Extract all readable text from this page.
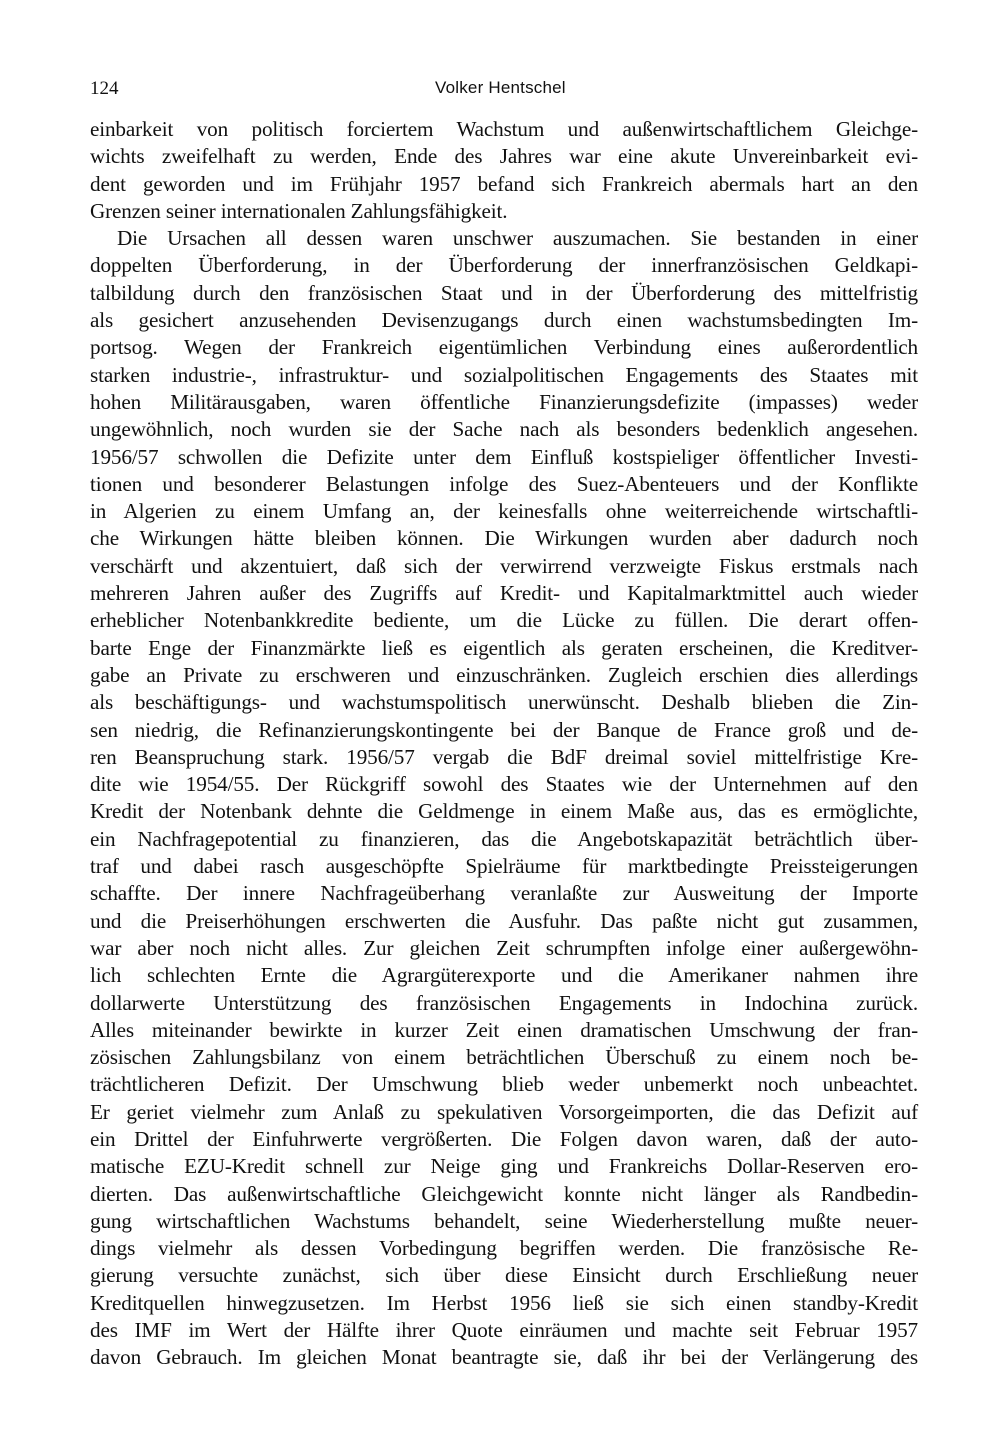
124	Volker Hentschel
einbarkeit von politisch forciertem Wachstum und außenwirtschaftlichem Gleichge-
wichts zweifelhaft zu werden, Ende des Jahres war eine akute Unvereinbarkeit evi-
dent geworden und im Frühjahr 1957 befand sich Frankreich abermals hart an den
Grenzen seiner internationalen Zahlungsfähigkeit.
Die Ursachen all dessen waren unschwer auszumachen. Sie bestanden in einer
doppelten Überforderung, in der Überforderung der innerfranzösischen Geldkapi-
talbildung durch den französischen Staat und in der Überforderung des mittelfristig
als gesichert anzusehenden Devisenzugangs durch einen wachstumsbedingten Im-
portsog. Wegen der Frankreich eigentümlichen Verbindung eines außerordentlich
starken industrie-, infrastruktur- und sozialpolitischen Engagements des Staates mit
hohen Militärausgaben, waren öffentliche Finanzierungsdefizite (impasses) weder
ungewöhnlich, noch wurden sie der Sache nach als besonders bedenklich angesehen.
1956/57 schwollen die Defizite unter dem Einfluß kostspieliger öffentlicher Investi-
tionen und besonderer Belastungen infolge des Suez-Abenteuers und der Konflikte
in Algerien zu einem Umfang an, der keinesfalls ohne weiterreichende wirtschaftli-
che Wirkungen hätte bleiben können. Die Wirkungen wurden aber dadurch noch
verschärft und akzentuiert, daß sich der verwirrend verzweigte Fiskus erstmals nach
mehreren Jahren außer des Zugriffs auf Kredit- und Kapitalmarktmittel auch wieder
erheblicher Notenbankkredite bediente, um die Lücke zu füllen. Die derart offen-
barte Enge der Finanzmärkte ließ es eigentlich als geraten erscheinen, die Kreditver-
gabe an Private zu erschweren und einzuschränken. Zugleich erschien dies allerdings
als beschäftigungs- und wachstumspolitisch unerwünscht. Deshalb blieben die Zin-
sen niedrig, die Refinanzierungskontingente bei der Banque de France groß und de-
ren Beanspruchung stark. 1956/57 vergab die BdF dreimal soviel mittelfristige Kre-
dite wie 1954/55. Der Rückgriff sowohl des Staates wie der Unternehmen auf den
Kredit der Notenbank dehnte die Geldmenge in einem Maße aus, das es ermöglichte,
ein Nachfragepotential zu finanzieren, das die Angebotskapazität beträchtlich über-
traf und dabei rasch ausgeschöpfte Spielräume für marktbedingte Preissteigerungen
schaffte. Der innere Nachfrageüberhang veranlaßte zur Ausweitung der Importe
und die Preiserhöhungen erschwerten die Ausfuhr. Das paßte nicht gut zusammen,
war aber noch nicht alles. Zur gleichen Zeit schrumpften infolge einer außergewöhn-
lich schlechten Ernte die Agrargüterexporte und die Amerikaner nahmen ihre
dollarwerte Unterstützung des französischen Engagements in Indochina zurück.
Alles miteinander bewirkte in kurzer Zeit einen dramatischen Umschwung der fran-
zösischen Zahlungsbilanz von einem beträchtlichen Überschuß zu einem noch be-
trächtlicheren Defizit. Der Umschwung blieb weder unbemerkt noch unbeachtet.
Er geriet vielmehr zum Anlaß zu spekulativen Vorsorgeimporten, die das Defizit auf
ein Drittel der Einfuhrwerte vergrößerten. Die Folgen davon waren, daß der auto-
matische EZU-Kredit schnell zur Neige ging und Frankreichs Dollar-Reserven ero-
dierten. Das außenwirtschaftliche Gleichgewicht konnte nicht länger als Randbedin-
gung wirtschaftlichen Wachstums behandelt, seine Wiederherstellung mußte neuer-
dings vielmehr als dessen Vorbedingung begriffen werden. Die französische Re-
gierung versuchte zunächst, sich über diese Einsicht durch Erschließung neuer
Kreditquellen hinwegzusetzen. Im Herbst 1956 ließ sie sich einen standby-Kredit
des IMF im Wert der Hälfte ihrer Quote einräumen und machte seit Februar 1957
davon Gebrauch. Im gleichen Monat beantragte sie, daß ihr bei der Verlängerung des
